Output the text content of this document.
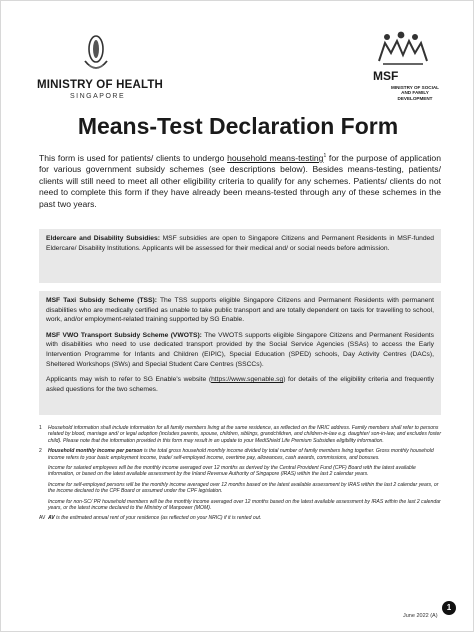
MINISTRY OF HEALTH
SINGAPORE
MSF
MINISTRY OF SOCIAL AND FAMILY DEVELOPMENT
Means-Test Declaration Form
This form is used for patients/ clients to undergo household means-testing$^1$ for the purpose of application for various government subsidy schemes (see descriptions below). Besides means-testing, patients/ clients will still need to meet all other eligibility criteria to qualify for any schemes. Patients/ clients do not need to complete this form if they have already been means-tested through any of these schemes in the past two years.
Eldercare and Disability Subsidies: MSF subsidies are open to Singapore Citizens and Permanent Residents in MSF-funded Eldercare/ Disability Institutions. Applicants will be assessed for their medical and/ or social needs before admission.

MSF Taxi Subsidy Scheme (TSS): The TSS supports eligible Singapore Citizens and Permanent Residents with permanent disabilities who are medically certified as unable to take public transport and are totally dependent on taxis for travelling to school, work, and/or employment-related training supported by SG Enable.

MSF VWO Transport Subsidy Scheme (VWOTS): The VWOTS supports eligible Singapore Citizens and Permanent Residents with disabilities who need to use dedicated transport provided by the Social Service Agencies (SSAs) to access the Early Intervention Programme for Infants and Children (EIPIC), Special Education (SPED) schools, Day Activity Centres (DACs), Sheltered Workshops (SWs) and Special Student Care Centres (SSCCs).

Applicants may wish to refer to SG Enable's website (https://www.sgenable.sg) for details of the eligibility criteria and frequently asked questions for the two schemes.

1 Household information shall include information for all family members living at the same residence, as reflected on the NRIC address. Family members shall refer to persons related by blood, marriage and/ or legal adoption (includes parents, spouse, children, siblings, grandchildren, and children-in-law e.g. daughter/ son-in-law, and excludes foster child). Please note that the information provided in this form may result in an update to your MediShield Life Premium Subsidies eligibility information.
2 Household monthly income per person is the total gross household monthly income divided by total number of family members living together. Gross monthly household income refers to your basic employment income, trade/ self-employed income, overtime pay, allowances, cash awards, commissions, and bonuses.
Income for salaried employees will be the monthly income averaged over 12 months as derived by the Central Provident Fund (CPF) Board with the latest available information, or based on the latest available assessment by the Inland Revenue Authority of Singapore (IRAS) within the last 2 calendar years.
Income for self-employed persons will be the monthly income averaged over 12 months based on the latest available assessment by IRAS within the last 2 calendar years, or the income declared to the CPF Board or assumed under the CPF legislation.
Income for non-SC/ PR household members will be the monthly income averaged over 12 months based on the latest available assessment by IRAS within the last 2 calendar years, or the latest income declared to the Ministry of Manpower (MOM).
AV AV is the estimated annual rent of your residence (as reflected on your NRIC) if it is rented out.
1
June 2022 (A)
